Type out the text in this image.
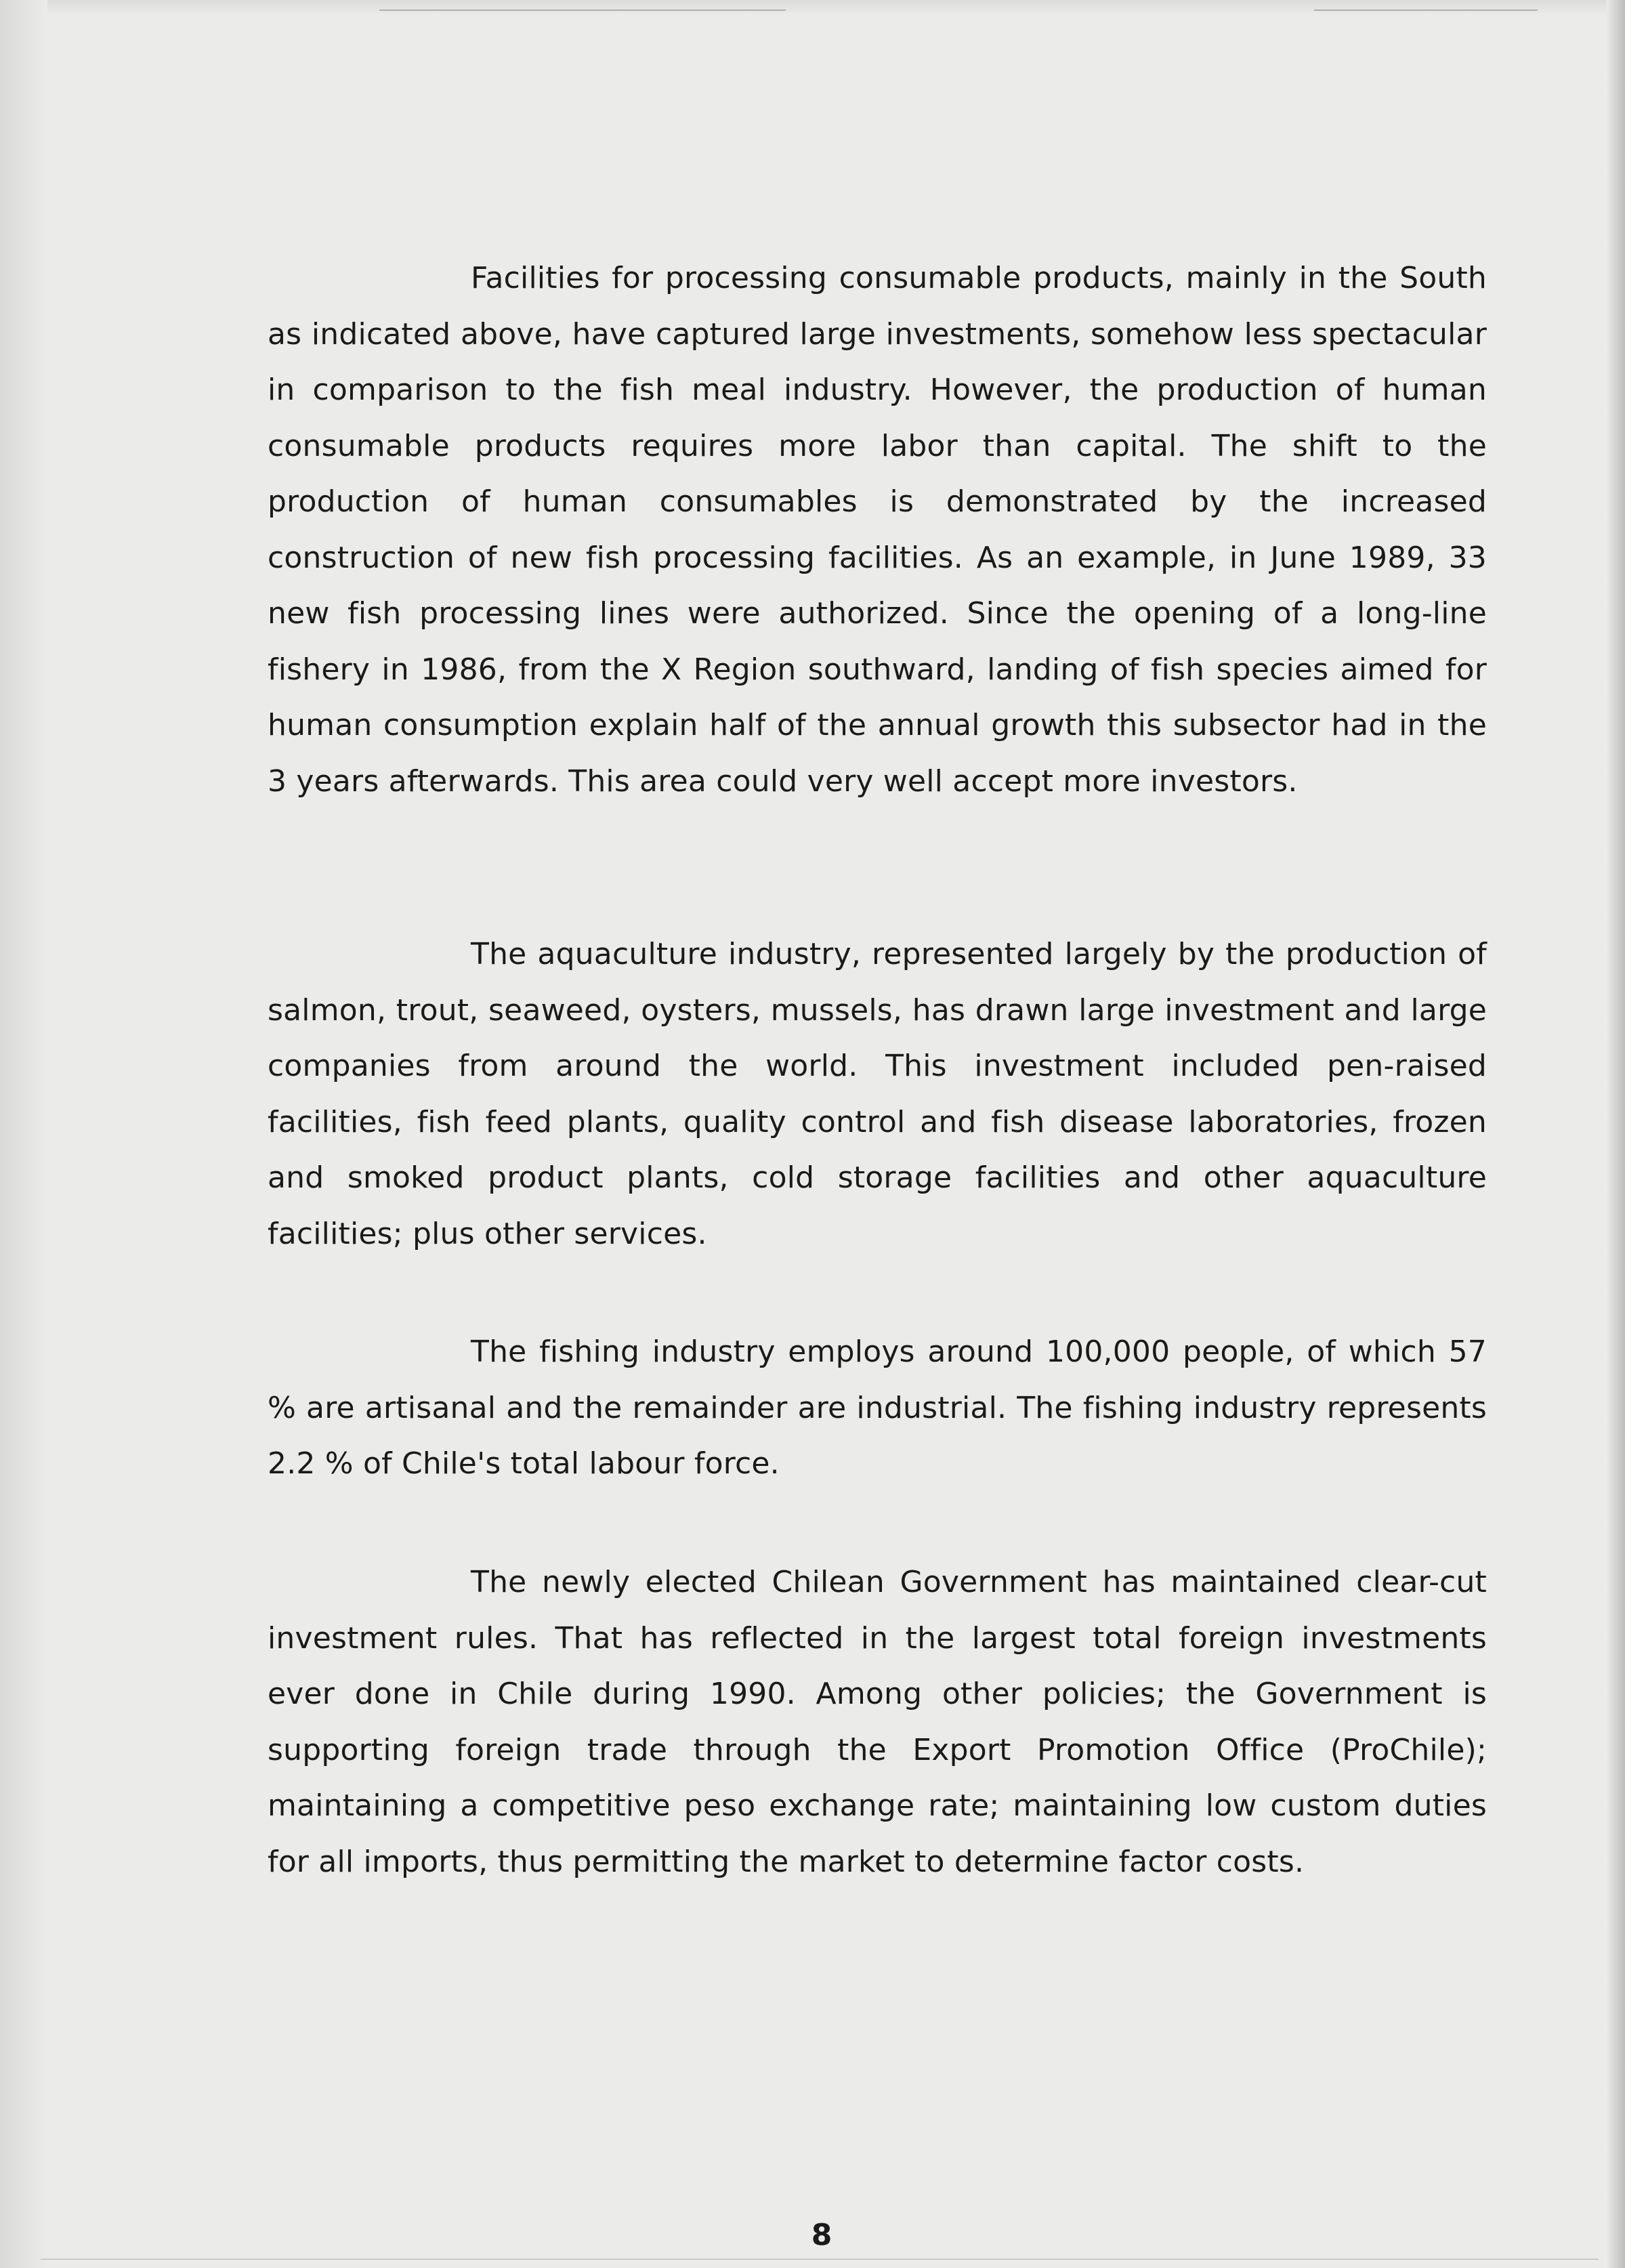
Facilities for processing consumable products, mainly in the South as indicated above, have captured large investments, somehow less spectacular in comparison to the fish meal industry. However, the production of human consumable products requires more labor than capital. The shift to the production of human consumables is demonstrated by the increased construction of new fish processing facilities. As an example, in June 1989, 33 new fish processing lines were authorized. Since the opening of a long-line fishery in 1986, from the X Region southward, landing of fish species aimed for human consumption explain half of the annual growth this subsector had in the 3 years afterwards. This area could very well accept more investors.

The aquaculture industry, represented largely by the production of salmon, trout, seaweed, oysters, mussels, has drawn large investment and large companies from around the world. This investment included pen-raised facilities, fish feed plants, quality control and fish disease laboratories, frozen and smoked product plants, cold storage facilities and other aquaculture facilities; plus other services.

The fishing industry employs around 100,000 people, of which 57 % are artisanal and the remainder are industrial. The fishing industry represents 2.2 % of Chile's total labour force.

The newly elected Chilean Government has maintained clear-cut investment rules. That has reflected in the largest total foreign investments ever done in Chile during 1990. Among other policies; the Government is supporting foreign trade through the Export Promotion Office (ProChile); maintaining a competitive peso exchange rate; maintaining low custom duties for all imports, thus permitting the market to determine factor costs.

8
